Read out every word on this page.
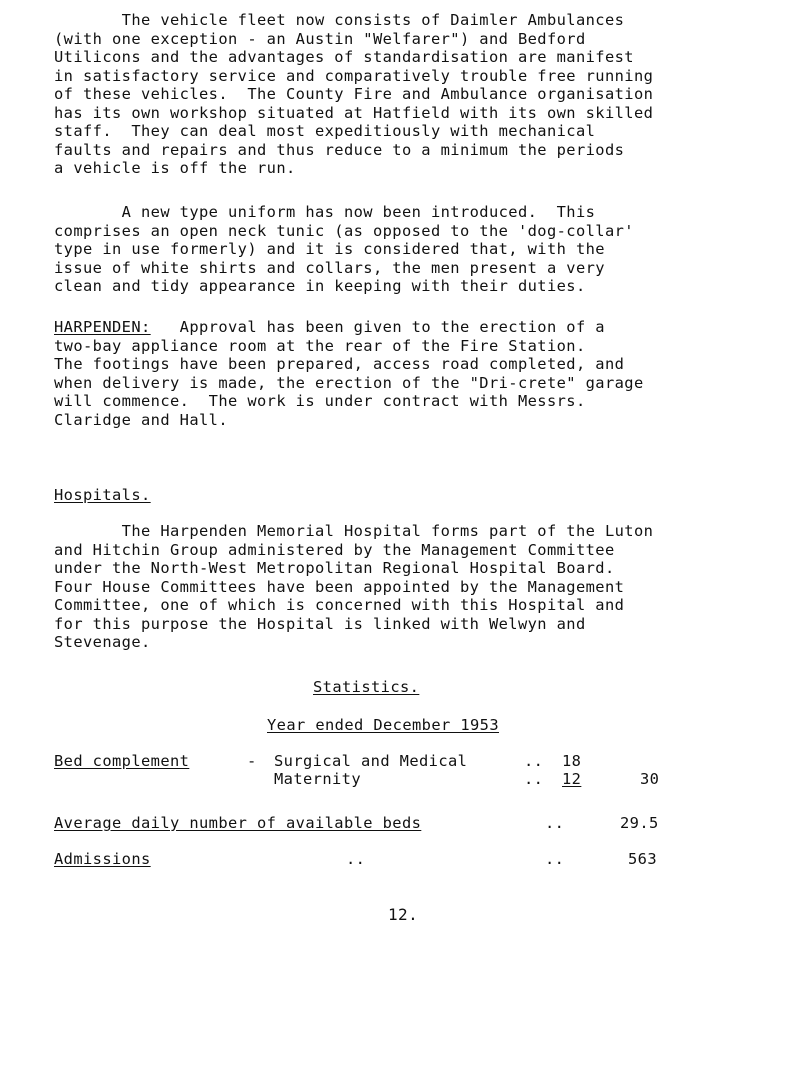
The vehicle fleet now consists of Daimler Ambulances
(with one exception - an Austin "Welfarer") and Bedford
Utilicons and the advantages of standardisation are manifest
in satisfactory service and comparatively trouble free running
of these vehicles.  The County Fire and Ambulance organisation
has its own workshop situated at Hatfield with its own skilled
staff.  They can deal most expeditiously with mechanical
faults and repairs and thus reduce to a minimum the periods
a vehicle is off the run.

A new type uniform has now been introduced.  This
comprises an open neck tunic (as opposed to the 'dog-collar'
type in use formerly) and it is considered that, with the
issue of white shirts and collars, the men present a very
clean and tidy appearance in keeping with their duties.

HARPENDEN:   Approval has been given to the erection of a

two-bay appliance room at the rear of the Fire Station.
The footings have been prepared, access road completed, and
when delivery is made, the erection of the "Dri-crete" garage
will commence.  The work is under contract with Messrs.
Claridge and Hall.

Hospitals.

The Harpenden Memorial Hospital forms part of the Luton
and Hitchin Group administered by the Management Committee
under the North-West Metropolitan Regional Hospital Board.
Four House Committees have been appointed by the Management
Committee, one of which is concerned with this Hospital and
for this purpose the Hospital is linked with Welwyn and
Stevenage.

Statistics.

Year ended December 1953

Bed complement	- Surgical and Medical	.. 18
Maternity	.. 12	30
Average daily number of available beds	..	29.5
Admissions	..	..	563

12.
